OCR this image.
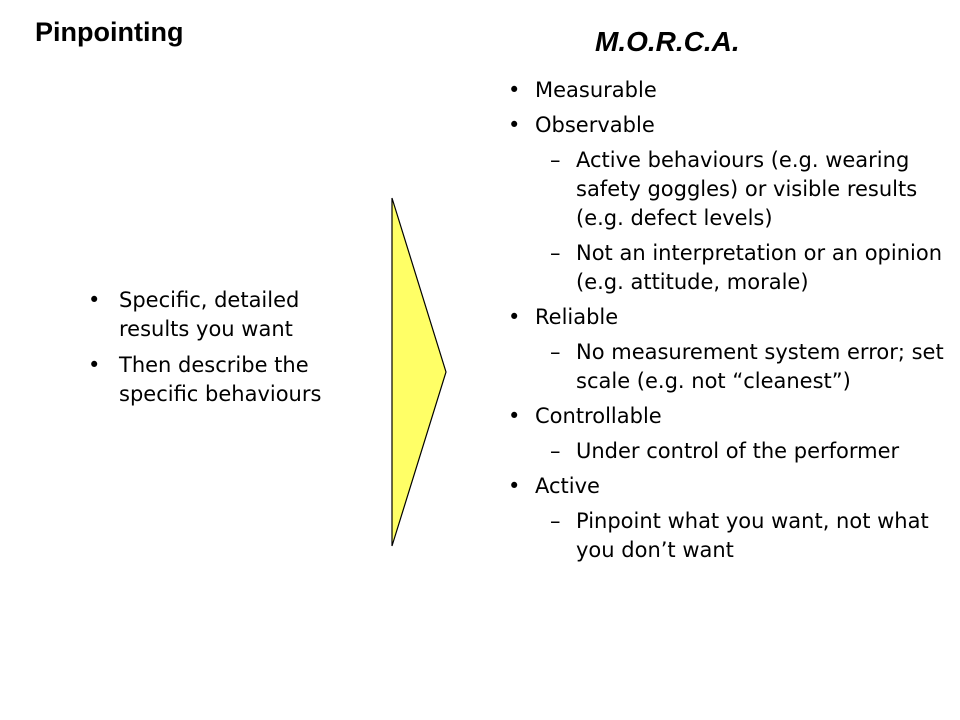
Pinpointing	M.O.R.C.A.
• Specific, detailed results you want
• Then describe the specific behaviours
• Measurable
• Observable
– Active behaviours (e.g. wearing safety goggles) or visible results (e.g. defect levels)
– Not an interpretation or an opinion (e.g. attitude, morale)
• Reliable
– No measurement system error; set scale (e.g. not “cleanest”)
• Controllable
– Under control of the performer
• Active
– Pinpoint what you want, not what you don’t want
